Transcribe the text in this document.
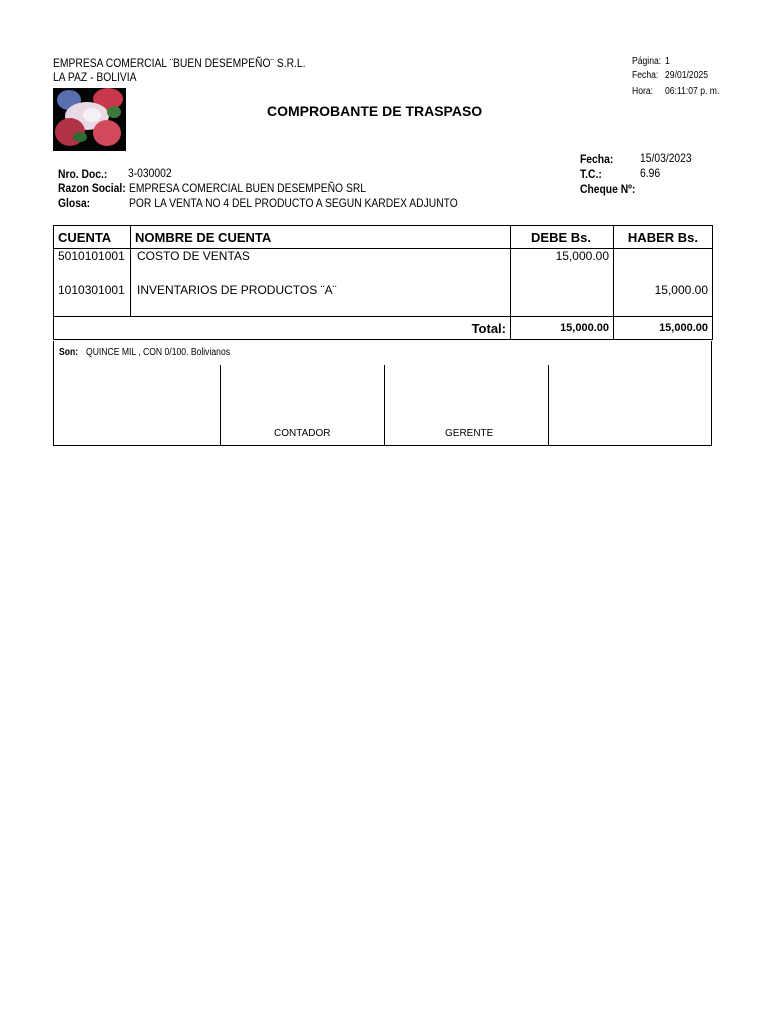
EMPRESA COMERCIAL ¨BUEN DESEMPEÑO¨ S.R.L.
LA PAZ - BOLIVIA
Página: 1
Fecha: 29/01/2025
Hora: 06:11:07 p. m.
COMPROBANTE DE TRASPASO
Nro. Doc.: 3-030002
Razon Social: EMPRESA COMERCIAL BUEN DESEMPEÑO SRL
Glosa:	POR LA VENTA NO 4 DEL PRODUCTO A SEGUN KARDEX ADJUNTO
Fecha: 15/03/2023
T.C.:	6.96
Cheque Nº:
CUENTA	NOMBRE DE CUENTA	DEBE Bs.	HABER Bs.
5010101001	COSTO DE VENTAS	15,000.00	
1010301001	INVENTARIOS DE PRODUCTOS ¨A¨		15,000.00
Total:		15,000.00	15,000.00
Son: QUINCE MIL , CON 0/100. Bolivianos
CONTADOR	GERENTE
